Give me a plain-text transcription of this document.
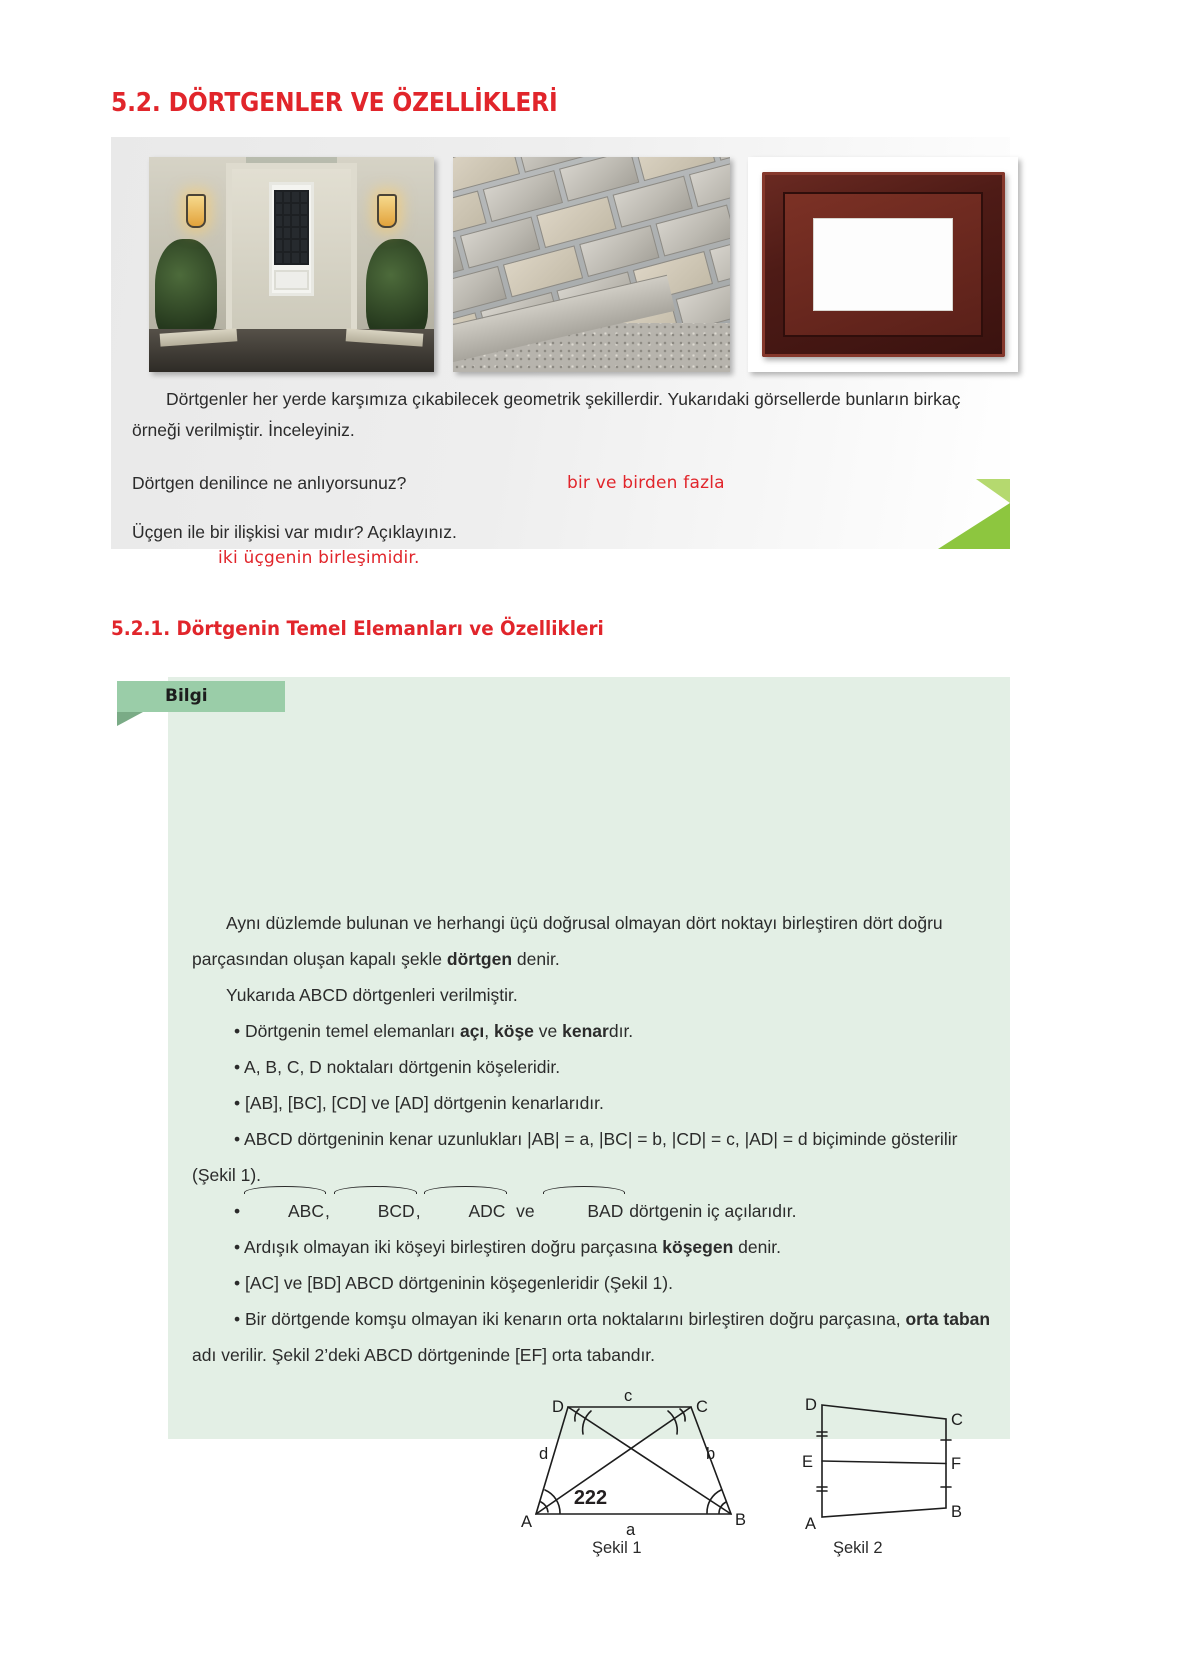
5.2. DÖRTGENLER VE ÖZELLİKLERİ

Dörtgenler her yerde karşımıza çıkabilecek geometrik şekillerdir. Yukarıdaki görsellerde bunların birkaç örneği verilmiştir. İnceleyiniz.

Dörtgen denilince ne anlıyorsunuz?	bir ve birden fazla

Üçgen ile bir ilişkisi var mıdır? Açıklayınız.

iki üçgenin birleşimidir.
5.2.1. Dörtgenin Temel Elemanları ve Özellikleri
A	B
C
D
c
a
d	b
D
C
B
A
E	F
Şekil 1	Şekil 2

Aynı düzlemde bulunan ve herhangi üçü doğrusal olmayan dört noktayı birleştiren dört doğru parçasından oluşan kapalı şekle dörtgen denir.

Yukarıda ABCD dörtgenleri verilmiştir.

• Dörtgenin temel elemanları açı, köşe ve kenardır.

• A, B, C, D noktaları dörtgenin köşeleridir.

• [AB], [BC], [CD] ve [AD] dörtgenin kenarlarıdır.

• ABCD dörtgeninin kenar uzunlukları |AB| = a, |BC| = b, |CD| = c, |AD| = d biçiminde gösterilir (Şekil 1).

• ABC,	BCD,	ADC ve	BAD dörtgenin iç açılarıdır.

• Ardışık olmayan iki köşeyi birleştiren doğru parçasına köşegen denir.

• [AC] ve [BD] ABCD dörtgeninin köşegenleridir (Şekil 1).

• Bir dörtgende komşu olmayan iki kenarın orta noktalarını birleştiren doğru parçasına, orta taban adı verilir. Şekil 2’deki ABCD dörtgeninde [EF] orta tabandır.

Bilgi
222
